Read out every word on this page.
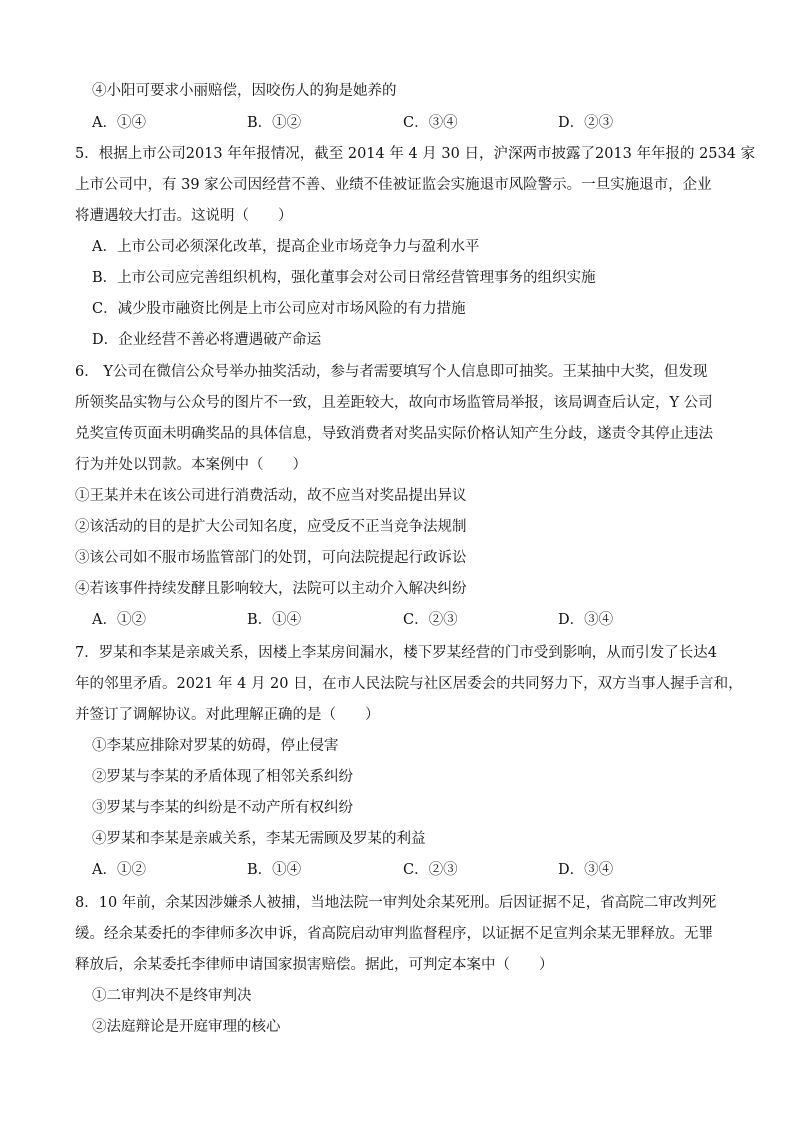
④小阳可要求小丽赔偿，因咬伤人的狗是她养的
A．①④	B．①②	C．③④	D．②③
5．根据上市公司2013 年年报情况，截至 2014 年 4 月 30 日，沪深两市披露了2013 年年报的 2534 家
上市公司中，有 39 家公司因经营不善、业绩不佳被证监会实施退市风险警示。一旦实施退市，企业
将遭遇较大打击。这说明（　　）
A．上市公司必须深化改革，提高企业市场竞争力与盈利水平
B．上市公司应完善组织机构，强化董事会对公司日常经营管理事务的组织实施
C．减少股市融资比例是上市公司应对市场风险的有力措施
D．企业经营不善必将遭遇破产命运
6． Y公司在微信公众号举办抽奖活动，参与者需要填写个人信息即可抽奖。王某抽中大奖，但发现
所领奖品实物与公众号的图片不一致，且差距较大，故向市场监管局举报，该局调查后认定，Y 公司
兑奖宣传页面未明确奖品的具体信息，导致消费者对奖品实际价格认知产生分歧，遂责令其停止违法
行为并处以罚款。本案例中（　　）
①王某并未在该公司进行消费活动，故不应当对奖品提出异议
②该活动的目的是扩大公司知名度，应受反不正当竞争法规制
③该公司如不服市场监管部门的处罚，可向法院提起行政诉讼
④若该事件持续发酵且影响较大，法院可以主动介入解决纠纷
A．①②	B．①④	C．②③	D．③④
7．罗某和李某是亲戚关系，因楼上李某房间漏水，楼下罗某经营的门市受到影响，从而引发了长达4
年的邻里矛盾。2021 年 4 月 20 日，在市人民法院与社区居委会的共同努力下，双方当事人握手言和，
并签订了调解协议。对此理解正确的是（　　）
①李某应排除对罗某的妨碍，停止侵害
②罗某与李某的矛盾体现了相邻关系纠纷
③罗某与李某的纠纷是不动产所有权纠纷
④罗某和李某是亲戚关系，李某无需顾及罗某的利益
A．①②	B．①④	C．②③	D．③④
8．10 年前，余某因涉嫌杀人被捕，当地法院一审判处余某死刑。后因证据不足，省高院二审改判死
缓。经余某委托的李律师多次申诉，省高院启动审判监督程序，以证据不足宣判余某无罪释放。无罪
释放后，余某委托李律师申请国家损害赔偿。据此，可判定本案中（　　）
①二审判决不是终审判决
②法庭辩论是开庭审理的核心
